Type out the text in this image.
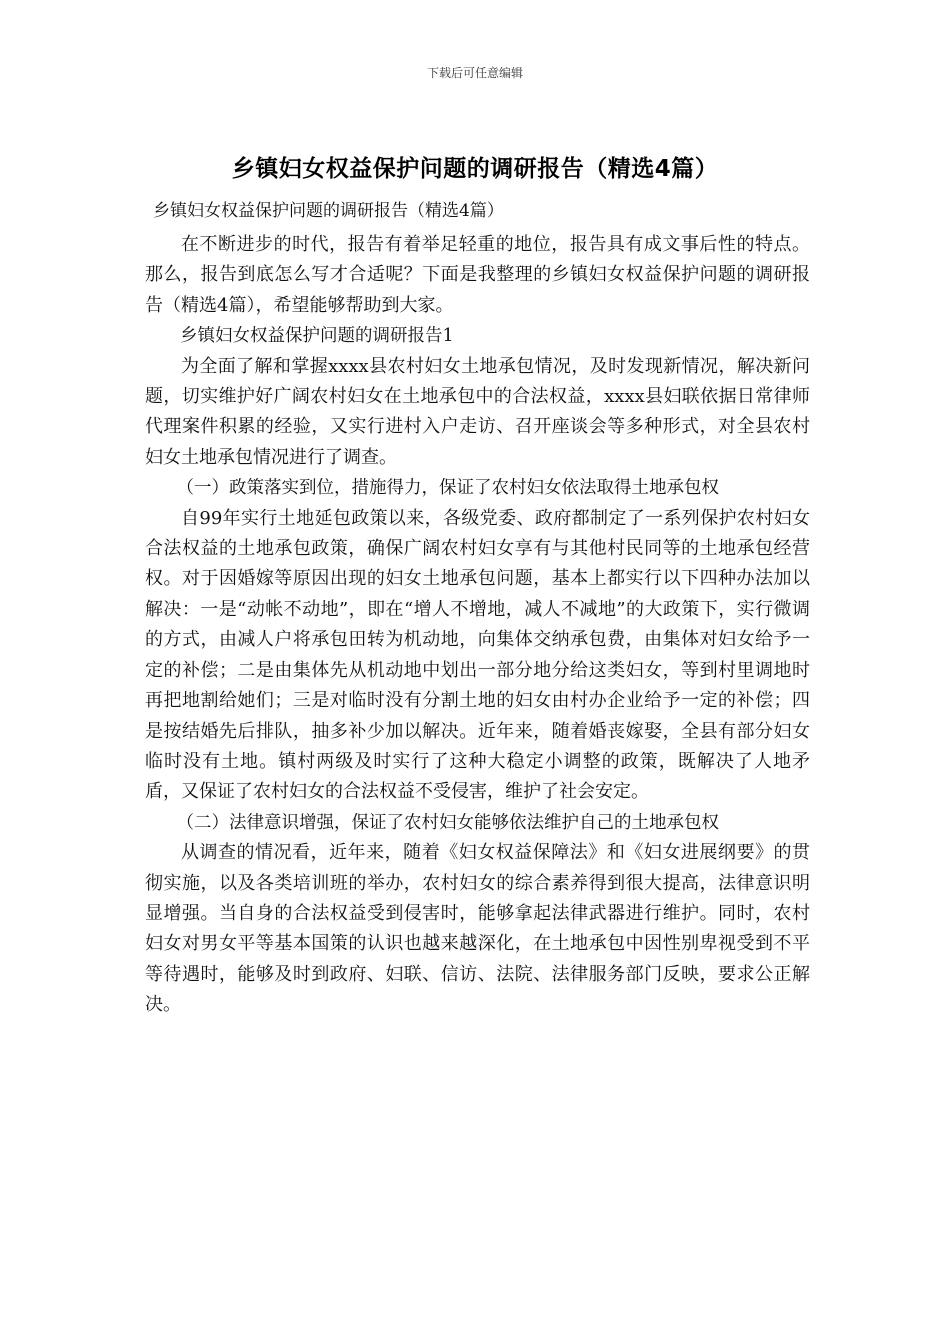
下载后可任意编辑
乡镇妇女权益保护问题的调研报告（精选4篇）

乡镇妇女权益保护问题的调研报告（精选4篇）

在不断进步的时代，报告有着举足轻重的地位，报告具有成文事后性的特点。那么，报告到底怎么写才合适呢？下面是我整理的乡镇妇女权益保护问题的调研报告（精选4篇），希望能够帮助到大家。

乡镇妇女权益保护问题的调研报告1

为全面了解和掌握xxxx县农村妇女土地承包情况，及时发现新情况，解决新问题，切实维护好广阔农村妇女在土地承包中的合法权益，xxxx县妇联依据日常律师代理案件积累的经验，又实行进村入户走访、召开座谈会等多种形式，对全县农村妇女土地承包情况进行了调查。

（一）政策落实到位，措施得力，保证了农村妇女依法取得土地承包权

自99年实行土地延包政策以来，各级党委、政府都制定了一系列保护农村妇女合法权益的土地承包政策，确保广阔农村妇女享有与其他村民同等的土地承包经营权。对于因婚嫁等原因出现的妇女土地承包问题，基本上都实行以下四种办法加以解决：一是“动帐不动地”，即在“增人不增地，减人不减地”的大政策下，实行微调的方式，由减人户将承包田转为机动地，向集体交纳承包费，由集体对妇女给予一定的补偿；二是由集体先从机动地中划出一部分地分给这类妇女，等到村里调地时再把地割给她们；三是对临时没有分割土地的妇女由村办企业给予一定的补偿；四是按结婚先后排队，抽多补少加以解决。近年来，随着婚丧嫁娶，全县有部分妇女临时没有土地。镇村两级及时实行了这种大稳定小调整的政策，既解决了人地矛盾，又保证了农村妇女的合法权益不受侵害，维护了社会安定。

（二）法律意识增强，保证了农村妇女能够依法维护自己的土地承包权

从调查的情况看，近年来，随着《妇女权益保障法》和《妇女进展纲要》的贯彻实施，以及各类培训班的举办，农村妇女的综合素养得到很大提高，法律意识明显增强。当自身的合法权益受到侵害时，能够拿起法律武器进行维护。同时，农村妇女对男女平等基本国策的认识也越来越深化，在土地承包中因性别卑视受到不平等待遇时，能够及时到政府、妇联、信访、法院、法律服务部门反映，要求公正解决。
